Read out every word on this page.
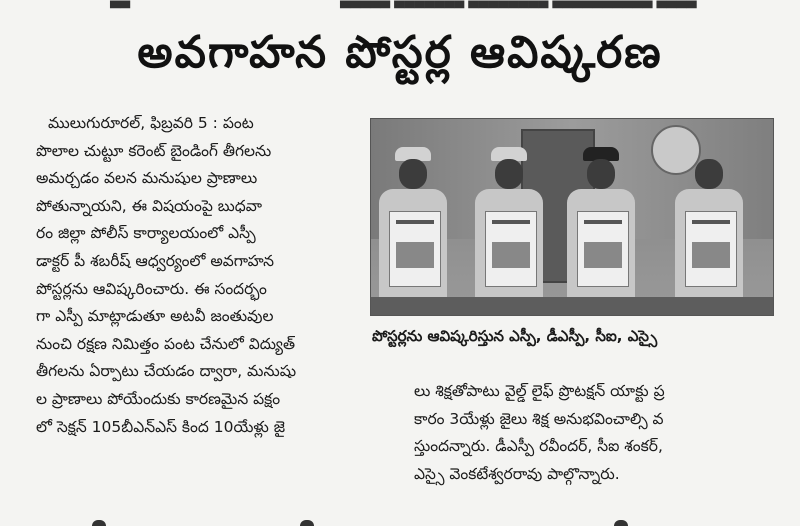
▄▄	▄▄▄▄▄ ▄▄▄▄▄▄▄ ▄▄▄▄▄▄▄▄ ▄▄▄▄▄▄▄▄▄▄ ▄▄▄▄
అవగాహన పోస్టర్ల ఆవిష్కరణ
ములుగురూరల్, ఫిబ్రవరి 5 : పంట
పొలాల చుట్టూ కరెంట్ బైండింగ్ తీగలను
అమర్చడం వలన మనుషుల ప్రాణాలు
పోతున్నాయని, ఈ విషయంపై బుధవా
రం జిల్లా పోలీస్ కార్యాలయంలో ఎస్పీ
డాక్టర్ పీ శబరీష్ ఆధ్వర్యంలో అవగాహన
పోస్టర్లను ఆవిష్కరించారు. ఈ సందర్భం
గా ఎస్పీ మాట్లాడుతూ అటవీ జంతువుల
నుంచి రక్షణ నిమిత్తం పంట చేనులో విద్యుత్
తీగలను ఏర్పాటు చేయడం ద్వారా, మనుషు
ల ప్రాణాలు పోయేందుకు కారణమైన పక్షం
లో సెక్షన్ 105బీఎన్ఎస్ కింద 10యేళ్లు జై
పోస్టర్లను ఆవిష్కరిస్తున ఎస్పీ, డీఎస్పీ, సీఐ, ఎస్సై
లు శిక్షతోపాటు వైల్డ్ లైఫ్ ప్రొటక్షన్ యాక్టు ప్ర
కారం 3యేళ్లు జైలు శిక్ష అనుభవించాల్సి వ
స్తుందన్నారు. డీఎస్పీ రవీందర్, సీఐ శంకర్,
ఎస్సై వెంకటేశ్వరరావు పాల్గొన్నారు.
